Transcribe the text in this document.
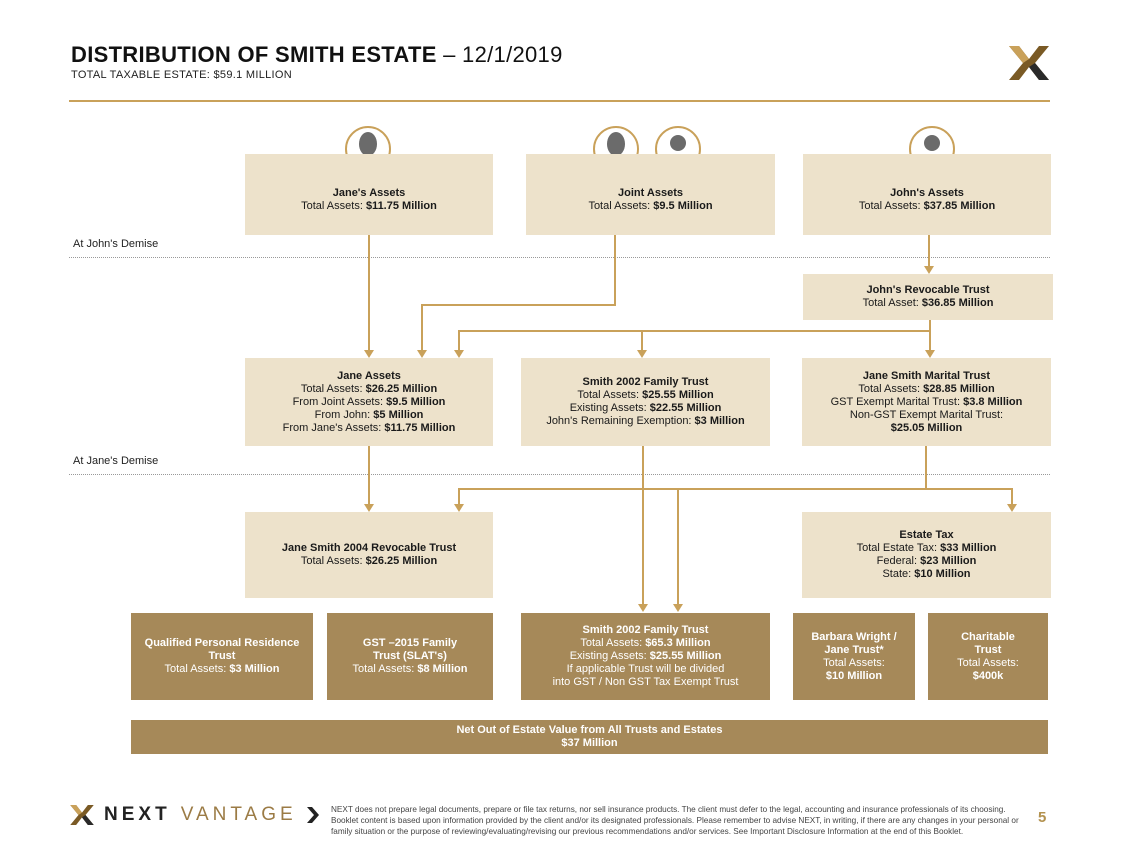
DISTRIBUTION OF SMITH ESTATE – 12/1/2019
TOTAL TAXABLE ESTATE: $59.1 MILLION
At John's Demise
At Jane's Demise
Jane's Assets
Total Assets: $11.75 Million
Joint Assets
Total Assets: $9.5 Million
John's Assets
Total Assets: $37.85 Million
John's Revocable Trust
Total Asset: $36.85 Million
Jane Assets
Total Assets: $26.25 Million
From Joint Assets: $9.5 Million
From John: $5 Million
From Jane's Assets: $11.75 Million
Smith 2002 Family Trust
Total Assets: $25.55 Million
Existing Assets: $22.55 Million
John's Remaining Exemption: $3 Million
Jane Smith Marital Trust
Total Assets: $28.85 Million
GST Exempt Marital Trust: $3.8 Million
Non-GST Exempt Marital Trust:
$25.05 Million
Jane Smith 2004 Revocable Trust
Total Assets: $26.25 Million
Estate Tax
Total Estate Tax: $33 Million
Federal: $23 Million
State: $10 Million
Qualified Personal Residence
Trust
Total Assets: $3 Million
GST –2015 Family
Trust (SLAT's)
Total Assets: $8 Million
Smith 2002 Family Trust
Total Assets: $65.3 Million
Existing Assets: $25.55 Million
If applicable Trust will be divided
into GST / Non GST Tax Exempt Trust
Barbara Wright /
Jane Trust*
Total Assets:
$10 Million
Charitable
Trust
Total Assets:
$400k
Net Out of Estate Value from All Trusts and Estates
$37 Million
NEXT VANTAGE	NEXT does not prepare legal documents, prepare or file tax returns, nor sell insurance products. The client must defer to the legal, accounting and insurance professionals of its choosing. Booklet content is based upon information provided by the client and/or its designated professionals. Please remember to advise NEXT, in writing, if there are any changes in your personal or family situation or the purpose of reviewing/evaluating/revising our previous recommendations and/or services. See Important Disclosure Information at the end of this Booklet.
5
